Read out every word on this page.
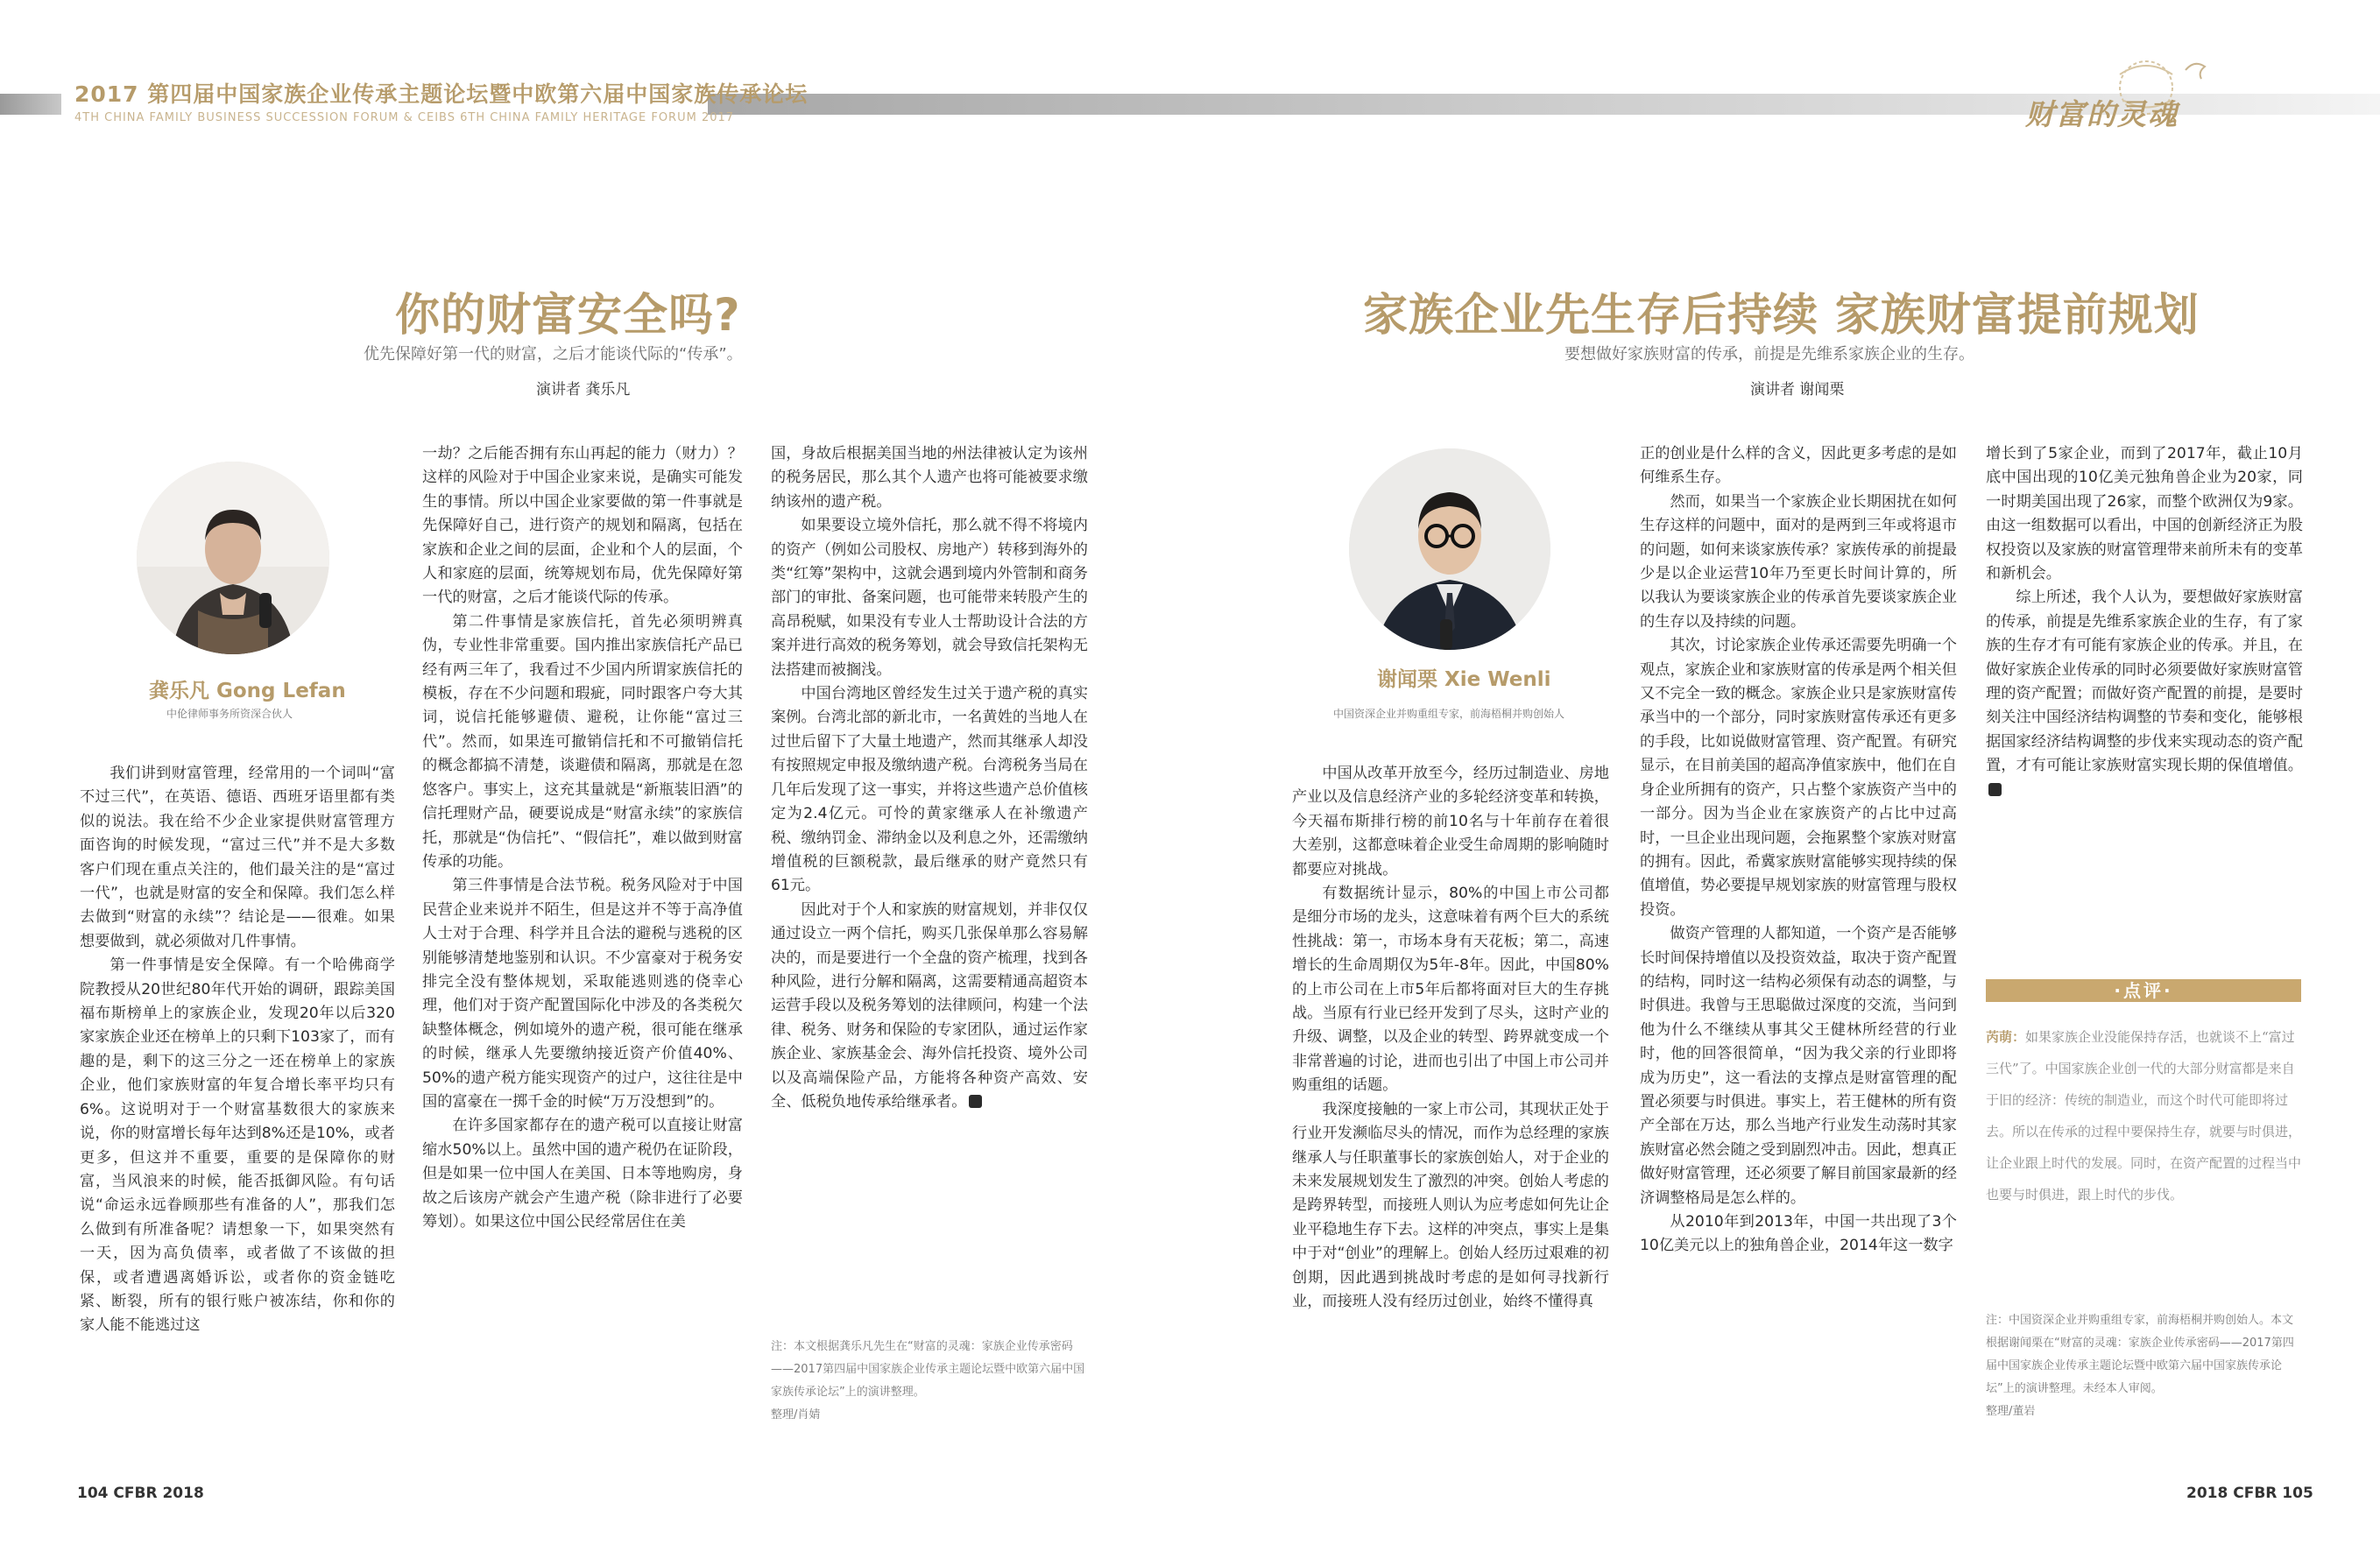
2017 第四届中国家族企业传承主题论坛暨中欧第六届中国家族传承论坛
4TH CHINA FAMILY BUSINESS SUCCESSION FORUM & CEIBS 6TH CHINA FAMILY HERITAGE FORUM 2017	财富的灵魂
你的财富安全吗?
优先保障好第一代的财富，之后才能谈代际的“传承”。
演讲者 龚乐凡
龚乐凡 Gong Lefan
中伦律师事务所资深合伙人

我们讲到财富管理，经常用的一个词叫“富不过三代”，在英语、德语、西班牙语里都有类似的说法。我在给不少企业家提供财富管理方面咨询的时候发现，“富过三代”并不是大多数客户们现在重点关注的，他们最关注的是“富过一代”，也就是财富的安全和保障。我们怎么样去做到“财富的永续”？结论是——很难。如果想要做到，就必须做对几件事情。

第一件事情是安全保障。有一个哈佛商学院教授从20世纪80年代开始的调研，跟踪美国福布斯榜单上的家族企业，发现20年以后320家家族企业还在榜单上的只剩下103家了，而有趣的是，剩下的这三分之一还在榜单上的家族企业，他们家族财富的年复合增长率平均只有6%。这说明对于一个财富基数很大的家族来说，你的财富增长每年达到8%还是10%，或者更多，但这并不重要，重要的是保障你的财富，当风浪来的时候，能否抵御风险。有句话说“命运永远眷顾那些有准备的人”，那我们怎么做到有所准备呢？请想象一下，如果突然有一天，因为高负债率，或者做了不该做的担保，或者遭遇离婚诉讼，或者你的资金链吃紧、断裂，所有的银行账户被冻结，你和你的家人能不能逃过这

一劫？之后能否拥有东山再起的能力（财力）？这样的风险对于中国企业家来说，是确实可能发生的事情。所以中国企业家要做的第一件事就是先保障好自己，进行资产的规划和隔离，包括在家族和企业之间的层面，企业和个人的层面，个人和家庭的层面，统筹规划布局，优先保障好第一代的财富，之后才能谈代际的传承。

第二件事情是家族信托，首先必须明辨真伪，专业性非常重要。国内推出家族信托产品已经有两三年了，我看过不少国内所谓家族信托的模板，存在不少问题和瑕疵，同时跟客户夸大其词，说信托能够避债、避税，让你能“富过三代”。然而，如果连可撤销信托和不可撤销信托的概念都搞不清楚，谈避债和隔离，那就是在忽悠客户。事实上，这充其量就是“新瓶装旧酒”的信托理财产品，硬要说成是“财富永续”的家族信托，那就是“伪信托”、“假信托”，难以做到财富传承的功能。

第三件事情是合法节税。税务风险对于中国民营企业来说并不陌生，但是这并不等于高净值人士对于合理、科学并且合法的避税与逃税的区别能够清楚地鉴别和认识。不少富豪对于税务安排完全没有整体规划，采取能逃则逃的侥幸心理，他们对于资产配置国际化中涉及的各类税欠缺整体概念，例如境外的遗产税，很可能在继承的时候，继承人先要缴纳接近资产价值40%、50%的遗产税方能实现资产的过户，这往往是中国的富豪在一掷千金的时候“万万没想到”的。

在许多国家都存在的遗产税可以直接让财富缩水50%以上。虽然中国的遗产税仍在证阶段，但是如果一位中国人在美国、日本等地购房，身故之后该房产就会产生遗产税（除非进行了必要筹划）。如果这位中国公民经常居住在美

国，身故后根据美国当地的州法律被认定为该州的税务居民，那么其个人遗产也将可能被要求缴纳该州的遗产税。

如果要设立境外信托，那么就不得不将境内的资产（例如公司股权、房地产）转移到海外的类“红筹”架构中，这就会遇到境内外管制和商务部门的审批、备案问题，也可能带来转股产生的高昂税赋，如果没有专业人士帮助设计合法的方案并进行高效的税务筹划，就会导致信托架构无法搭建而被搁浅。

中国台湾地区曾经发生过关于遗产税的真实案例。台湾北部的新北市，一名黄姓的当地人在过世后留下了大量土地遗产，然而其继承人却没有按照规定申报及缴纳遗产税。台湾税务当局在几年后发现了这一事实，并将这些遗产总价值核定为2.4亿元。可怜的黄家继承人在补缴遗产税、缴纳罚金、滞纳金以及利息之外，还需缴纳增值税的巨额税款，最后继承的财产竟然只有61元。

因此对于个人和家族的财富规划，并非仅仅通过设立一两个信托，购买几张保单那么容易解决的，而是要进行一个全盘的资产梳理，找到各种风险，进行分解和隔离，这需要精通高超资本运营手段以及税务筹划的法律顾问，构建一个法律、税务、财务和保险的专家团队，通过运作家族企业、家族基金会、海外信托投资、境外公司以及高端保险产品，方能将各种资产高效、安全、低税负地传承给继承者。

注：本文根据龚乐凡先生在“财富的灵魂：家族企业传承密码——2017第四届中国家族企业传承主题论坛暨中欧第六届中国家族传承论坛”上的演讲整理。
整理/肖婧
家族企业先生存后持续 家族财富提前规划
要想做好家族财富的传承，前提是先维系家族企业的生存。
演讲者 谢闻栗
谢闻栗 Xie Wenli
中国资深企业并购重组专家，前海梧桐并购创始人

中国从改革开放至今，经历过制造业、房地产业以及信息经济产业的多轮经济变革和转换，今天福布斯排行榜的前10名与十年前存在着很大差别，这都意味着企业受生命周期的影响随时都要应对挑战。

有数据统计显示，80%的中国上市公司都是细分市场的龙头，这意味着有两个巨大的系统性挑战：第一，市场本身有天花板；第二，高速增长的生命周期仅为5年-8年。因此，中国80%的上市公司在上市5年后都将面对巨大的生存挑战。当原有行业已经开发到了尽头，这时产业的升级、调整，以及企业的转型、跨界就变成一个非常普遍的讨论，进而也引出了中国上市公司并购重组的话题。

我深度接触的一家上市公司，其现状正处于行业开发濒临尽头的情况，而作为总经理的家族继承人与任职董事长的家族创始人，对于企业的未来发展规划发生了激烈的冲突。创始人考虑的是跨界转型，而接班人则认为应考虑如何先让企业平稳地生存下去。这样的冲突点，事实上是集中于对“创业”的理解上。创始人经历过艰难的初创期，因此遇到挑战时考虑的是如何寻找新行业，而接班人没有经历过创业，始终不懂得真

正的创业是什么样的含义，因此更多考虑的是如何维系生存。

然而，如果当一个家族企业长期困扰在如何生存这样的问题中，面对的是两到三年或将退市的问题，如何来谈家族传承？家族传承的前提最少是以企业运营10年乃至更长时间计算的，所以我认为要谈家族企业的传承首先要谈家族企业的生存以及持续的问题。

其次，讨论家族企业传承还需要先明确一个观点，家族企业和家族财富的传承是两个相关但又不完全一致的概念。家族企业只是家族财富传承当中的一个部分，同时家族财富传承还有更多的手段，比如说做财富管理、资产配置。有研究显示，在目前美国的超高净值家族中，他们在自身企业所拥有的资产，只占整个家族资产当中的一部分。因为当企业在家族资产的占比中过高时，一旦企业出现问题，会拖累整个家族对财富的拥有。因此，希冀家族财富能够实现持续的保值增值，势必要提早规划家族的财富管理与股权投资。

做资产管理的人都知道，一个资产是否能够长时间保持增值以及投资效益，取决于资产配置的结构，同时这一结构必须保有动态的调整，与时俱进。我曾与王思聪做过深度的交流，当问到他为什么不继续从事其父王健林所经营的行业时，他的回答很简单，“因为我父亲的行业即将成为历史”，这一看法的支撑点是财富管理的配置必须要与时俱进。事实上，若王健林的所有资产全部在万达，那么当地产行业发生动荡时其家族财富必然会随之受到剧烈冲击。因此，想真正做好财富管理，还必须要了解目前国家最新的经济调整格局是怎么样的。

从2010年到2013年，中国一共出现了3个10亿美元以上的独角兽企业，2014年这一数字

增长到了5家企业，而到了2017年，截止10月底中国出现的10亿美元独角兽企业为20家，同一时期美国出现了26家，而整个欧洲仅为9家。由这一组数据可以看出，中国的创新经济正为股权投资以及家族的财富管理带来前所未有的变革和新机会。

综上所述，我个人认为，要想做好家族财富的传承，前提是先维系家族企业的生存，有了家族的生存才有可能有家族企业的传承。并且，在做好家族企业传承的同时必须要做好家族财富管理的资产配置；而做好资产配置的前提，是要时刻关注中国经济结构调整的节奏和变化，能够根据国家经济结构调整的步伐来实现动态的资产配置，才有可能让家族财富实现长期的保值增值。

·点评·
芮萌：如果家族企业没能保持存活，也就谈不上“富过三代”了。中国家族企业创一代的大部分财富都是来自于旧的经济：传统的制造业，而这个时代可能即将过去。所以在传承的过程中要保持生存，就要与时俱进，让企业跟上时代的发展。同时，在资产配置的过程当中也要与时俱进，跟上时代的步伐。
注：中国资深企业并购重组专家，前海梧桐并购创始人。本文根据谢闻栗在“财富的灵魂：家族企业传承密码——2017第四届中国家族企业传承主题论坛暨中欧第六届中国家族传承论坛”上的演讲整理。未经本人审阅。
整理/董岩
104 CFBR 2018	2018 CFBR 105
